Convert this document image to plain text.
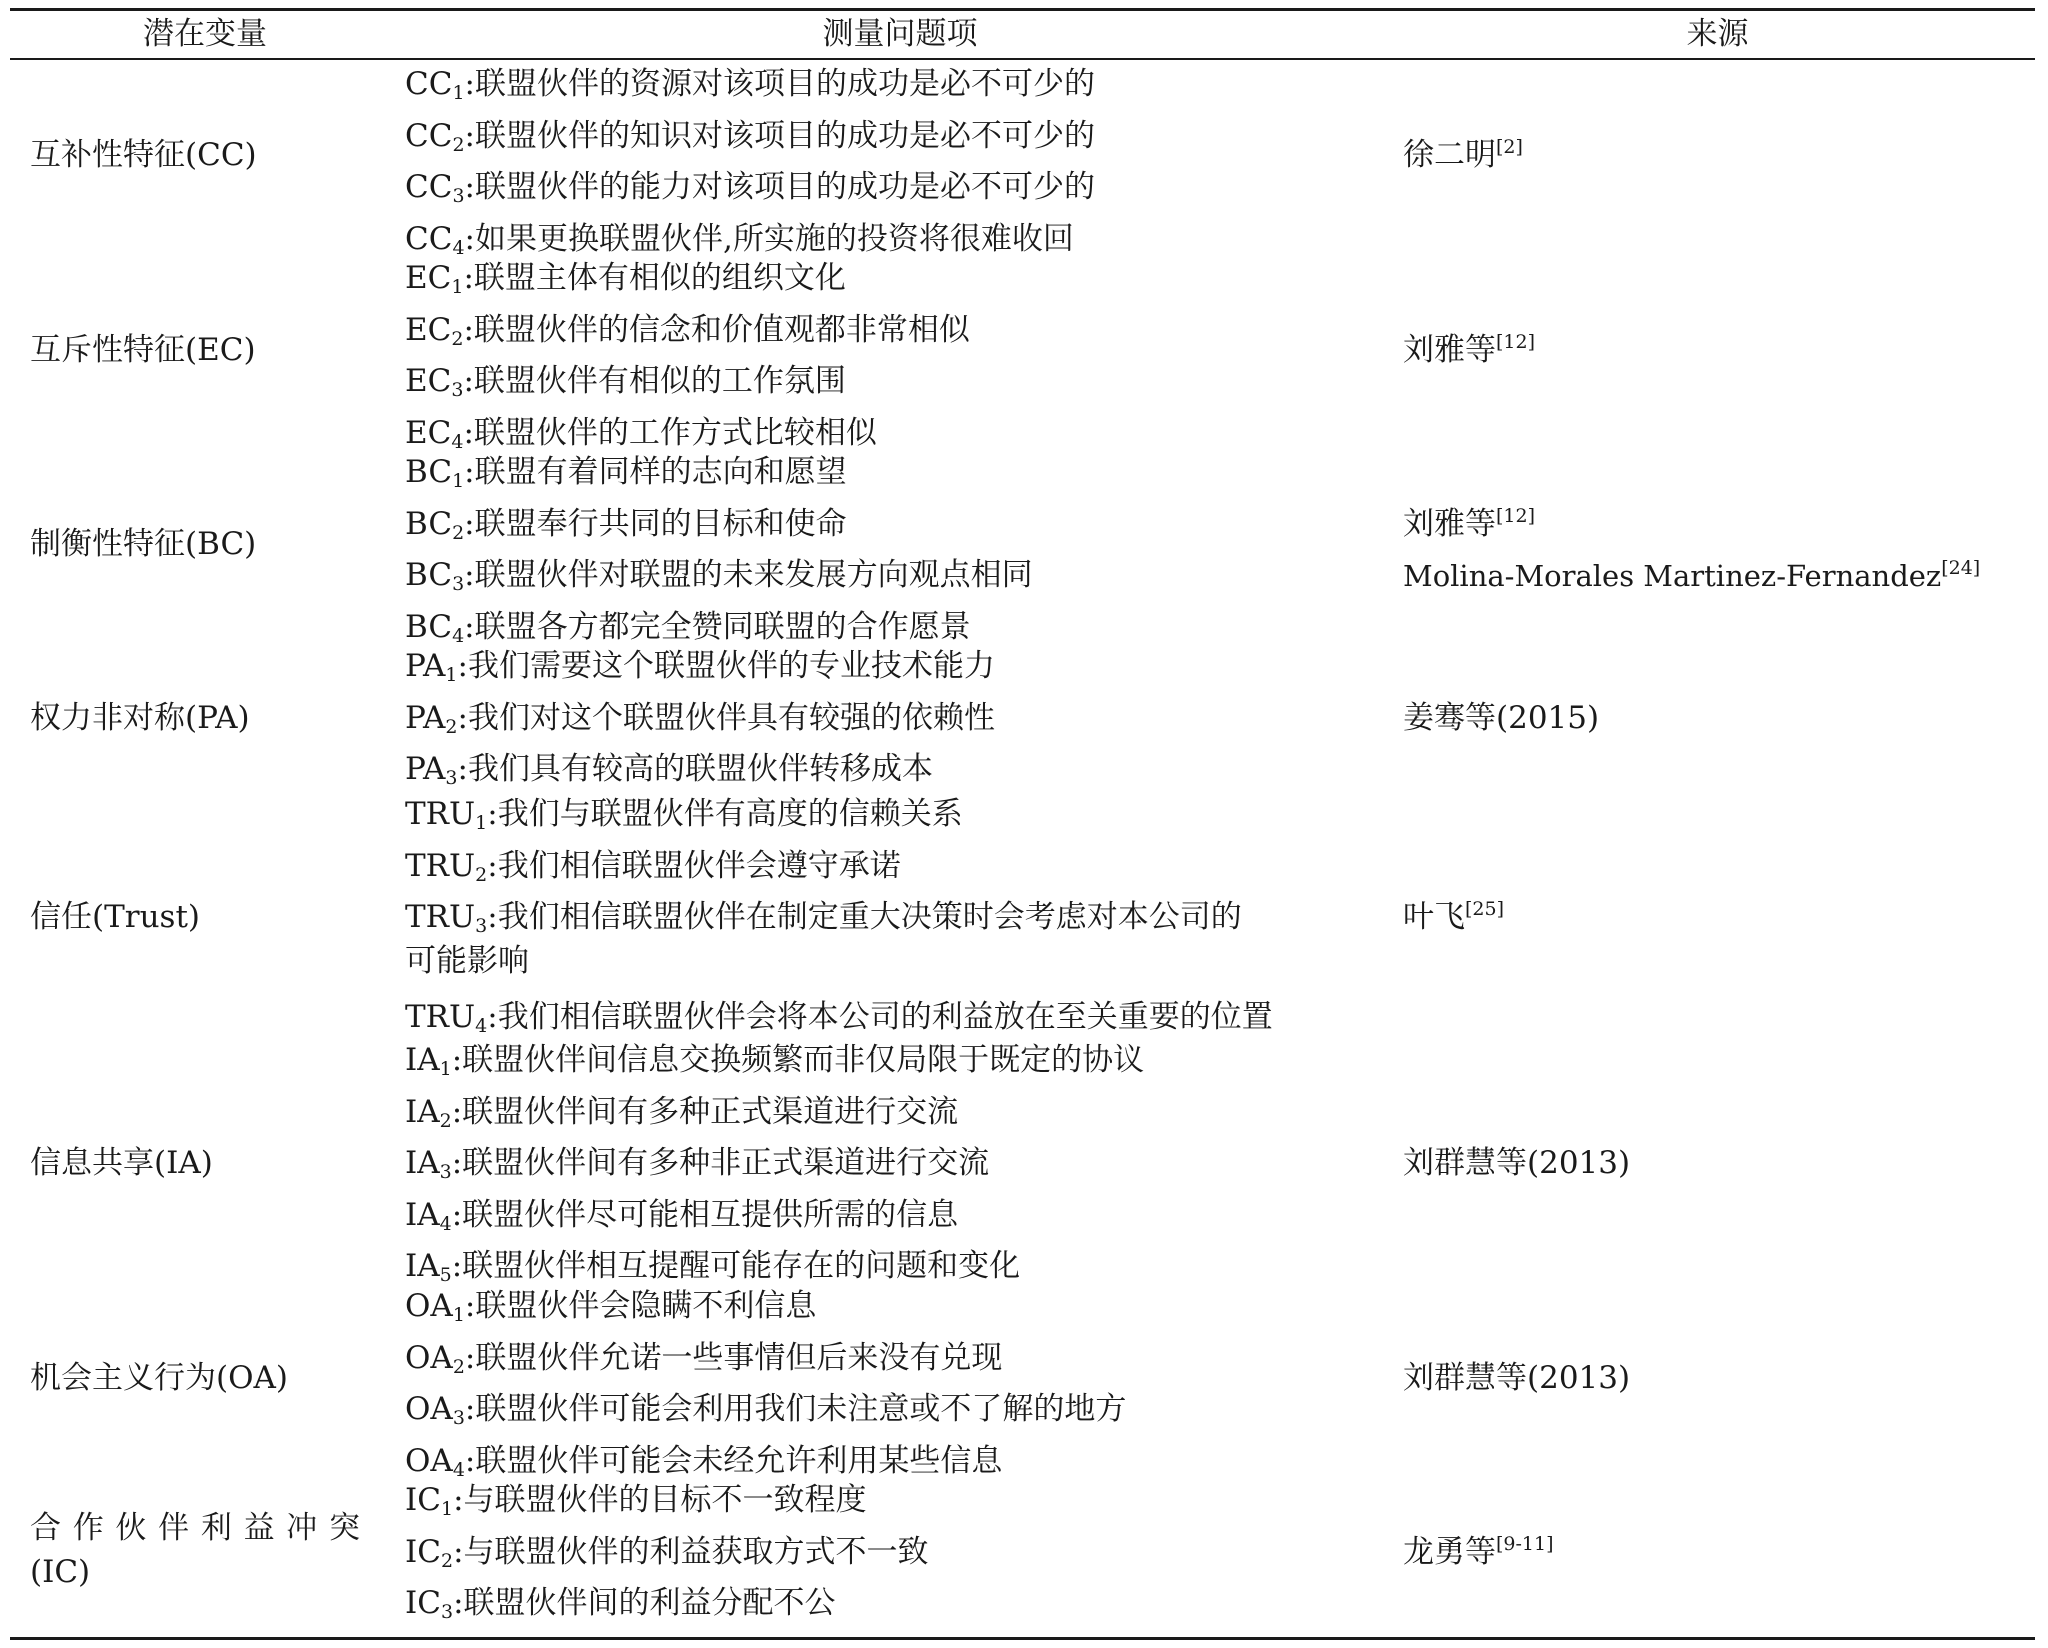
潜在变量	测量问题项	来源
互补性特征(CC)
$CC_1$:联盟伙伴的资源对该项目的成功是必不可少的
$CC_2$:联盟伙伴的知识对该项目的成功是必不可少的
$CC_3$:联盟伙伴的能力对该项目的成功是必不可少的
$CC_4$:如果更换联盟伙伴,所实施的投资将很难收回
徐二明[2]
互斥性特征(EC)
$EC_1$:联盟主体有相似的组织文化
$EC_2$:联盟伙伴的信念和价值观都非常相似
$EC_3$:联盟伙伴有相似的工作氛围
$EC_4$:联盟伙伴的工作方式比较相似
刘雅等[12]
制衡性特征(BC)
$BC_1$:联盟有着同样的志向和愿望
$BC_2$:联盟奉行共同的目标和使命
$BC_3$:联盟伙伴对联盟的未来发展方向观点相同
$BC_4$:联盟各方都完全赞同联盟的合作愿景
刘雅等[12]
Molina-Morales Martinez-Fernandez[24]
权力非对称(PA)
$PA_1$:我们需要这个联盟伙伴的专业技术能力
$PA_2$:我们对这个联盟伙伴具有较强的依赖性
$PA_3$:我们具有较高的联盟伙伴转移成本
姜骞等(2015)
信任(Trust)
$TRU_1$:我们与联盟伙伴有高度的信赖关系
$TRU_2$:我们相信联盟伙伴会遵守承诺
$TRU_3$:我们相信联盟伙伴在制定重大决策时会考虑对本公司的
可能影响
$TRU_4$:我们相信联盟伙伴会将本公司的利益放在至关重要的位置
叶飞[25]
信息共享(IA)
$IA_1$:联盟伙伴间信息交换频繁而非仅局限于既定的协议
$IA_2$:联盟伙伴间有多种正式渠道进行交流
$IA_3$:联盟伙伴间有多种非正式渠道进行交流
$IA_4$:联盟伙伴尽可能相互提供所需的信息
$IA_5$:联盟伙伴相互提醒可能存在的问题和变化
刘群慧等(2013)
机会主义行为(OA)
$OA_1$:联盟伙伴会隐瞒不利信息
$OA_2$:联盟伙伴允诺一些事情但后来没有兑现
$OA_3$:联盟伙伴可能会利用我们未注意或不了解的地方
$OA_4$:联盟伙伴可能会未经允许利用某些信息
刘群慧等(2013)
合作伙伴利益冲突
(IC)
$IC_1$:与联盟伙伴的目标不一致程度
$IC_2$:与联盟伙伴的利益获取方式不一致
$IC_3$:联盟伙伴间的利益分配不公
龙勇等[9-11]
